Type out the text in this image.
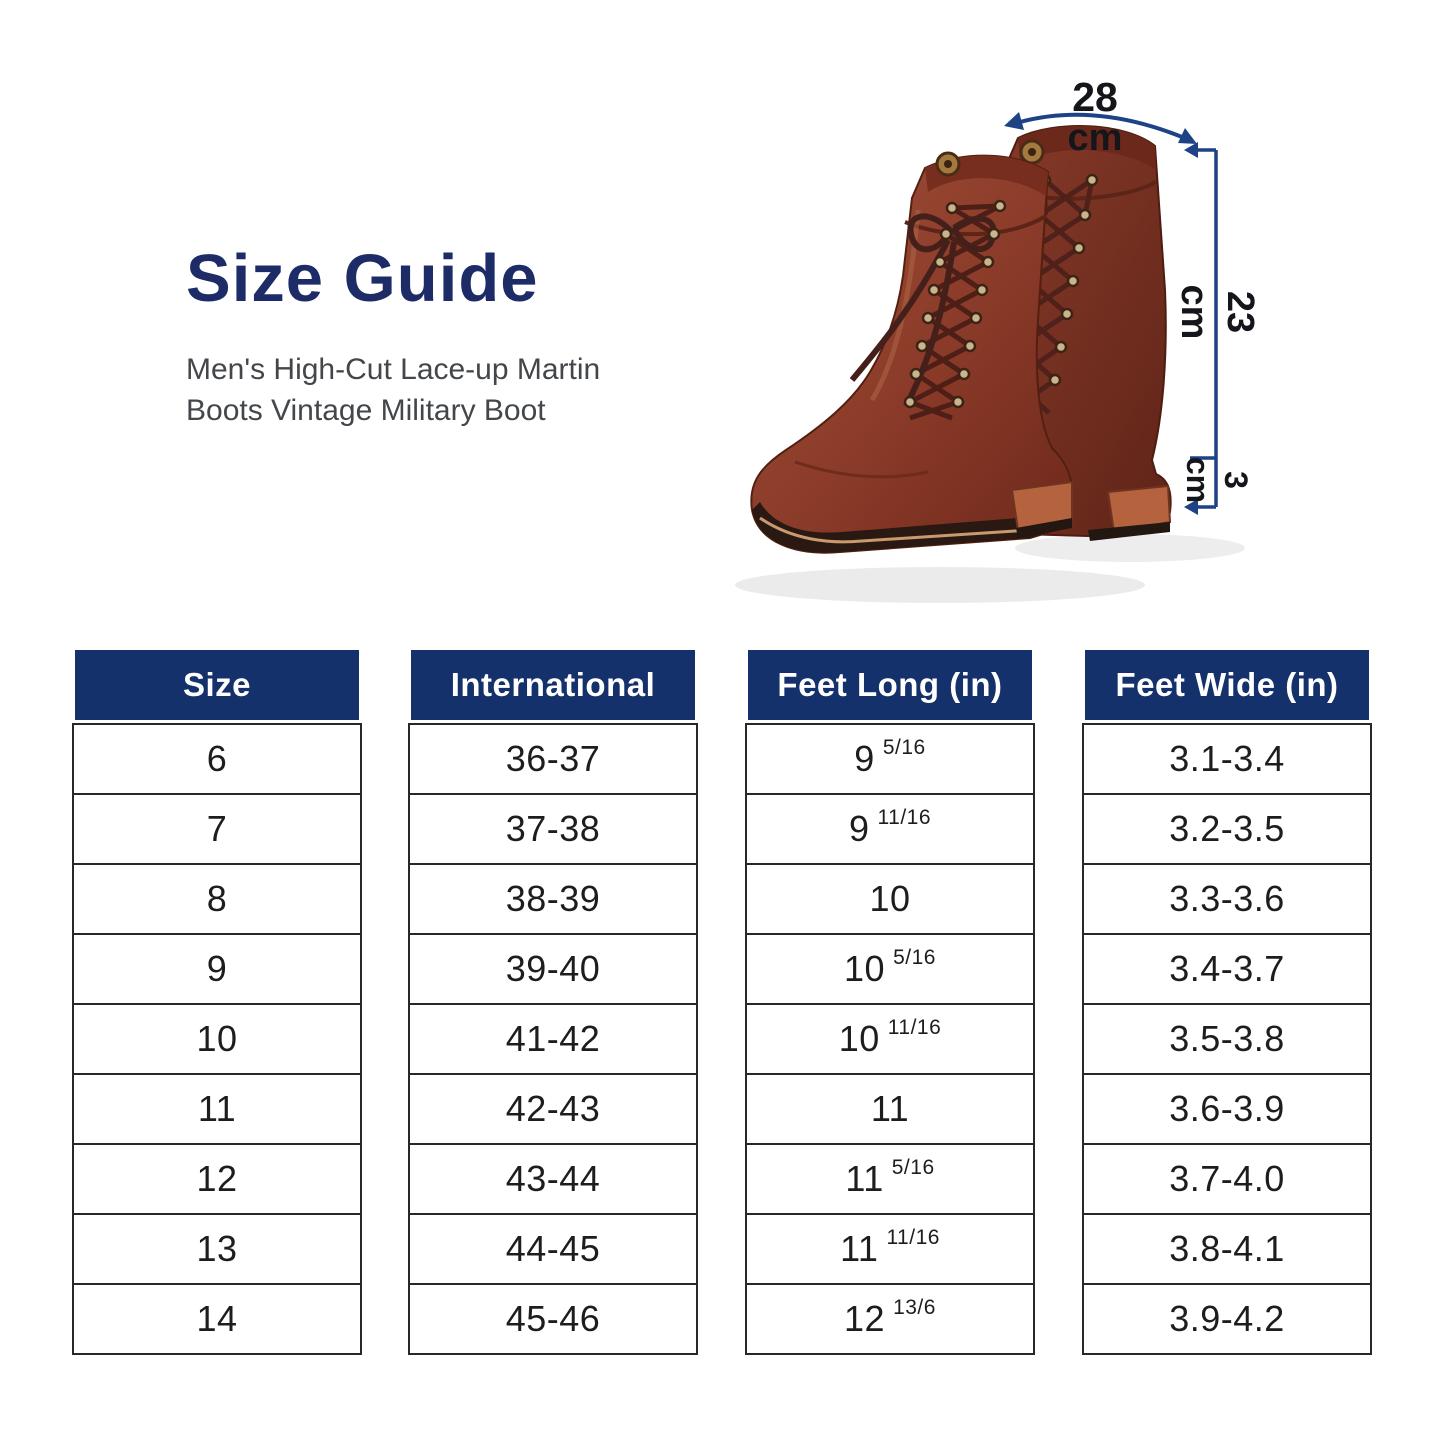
Size Guide
Men's High-Cut Lace-up Martin
Boots Vintage Military Boot
28
cm
23
cm
3
cm
Size
6
7
8
9
10
11
12
13
14
International
36-37
37-38
38-39
39-40
41-42
42-43
43-44
44-45
45-46
Feet Long (in)
9 5/16
9 11/16
10
10 5/16
10 11/16
11
11 5/16
11 11/16
12 13/6
Feet Wide (in)
3.1-3.4
3.2-3.5
3.3-3.6
3.4-3.7
3.5-3.8
3.6-3.9
3.7-4.0
3.8-4.1
3.9-4.2
